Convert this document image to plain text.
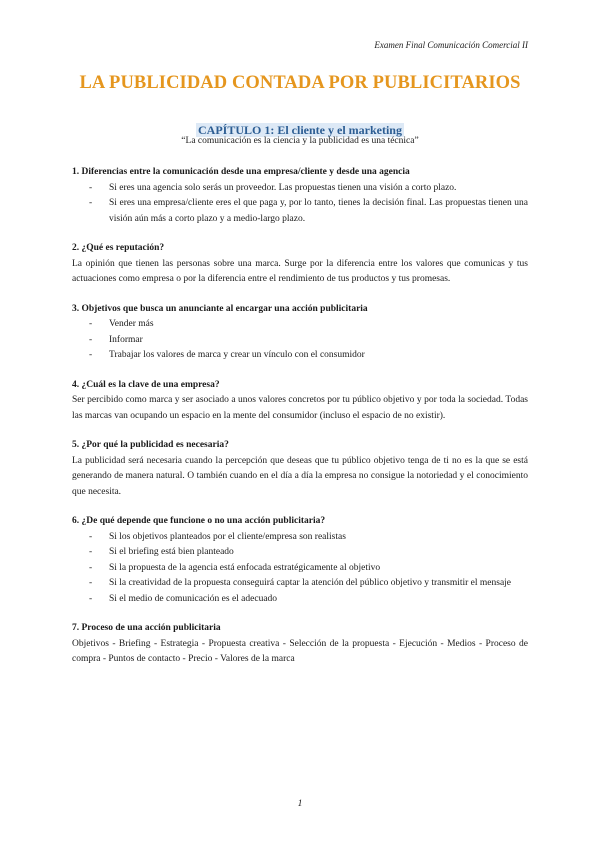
Examen Final Comunicación Comercial II
LA PUBLICIDAD CONTADA POR PUBLICITARIOS
CAPÍTULO 1: El cliente y el marketing
“La comunicación es la ciencia y la publicidad es una técnica”

1. Diferencias entre la comunicación desde una empresa/cliente y desde una agencia

- Si eres una agencia solo serás un proveedor. Las propuestas tienen una visión a corto plazo.
- Si eres una empresa/cliente eres el que paga y, por lo tanto, tienes la decisión final. Las propuestas tienen una visión aún más a corto plazo y a medio-largo plazo.

2. ¿Qué es reputación?

La opinión que tienen las personas sobre una marca. Surge por la diferencia entre los valores que comunicas y tus actuaciones como empresa o por la diferencia entre el rendimiento de tus productos y tus promesas.

3. Objetivos que busca un anunciante al encargar una acción publicitaria

- Vender más
- Informar
- Trabajar los valores de marca y crear un vínculo con el consumidor

4. ¿Cuál es la clave de una empresa?

Ser percibido como marca y ser asociado a unos valores concretos por tu público objetivo y por toda la sociedad. Todas las marcas van ocupando un espacio en la mente del consumidor (incluso el espacio de no existir).

5. ¿Por qué la publicidad es necesaria?

La publicidad será necesaria cuando la percepción que deseas que tu público objetivo tenga de ti no es la que se está generando de manera natural. O también cuando en el día a día la empresa no consigue la notoriedad y el conocimiento que necesita.

6. ¿De qué depende que funcione o no una acción publicitaria?

- Si los objetivos planteados por el cliente/empresa son realistas
- Si el briefing está bien planteado
- Si la propuesta de la agencia está enfocada estratégicamente al objetivo
- Si la creatividad de la propuesta conseguirá captar la atención del público objetivo y transmitir el mensaje
- Si el medio de comunicación es el adecuado

7. Proceso de una acción publicitaria

Objetivos - Briefing - Estrategia - Propuesta creativa - Selección de la propuesta - Ejecución - Medios - Proceso de compra - Puntos de contacto - Precio - Valores de la marca

1
